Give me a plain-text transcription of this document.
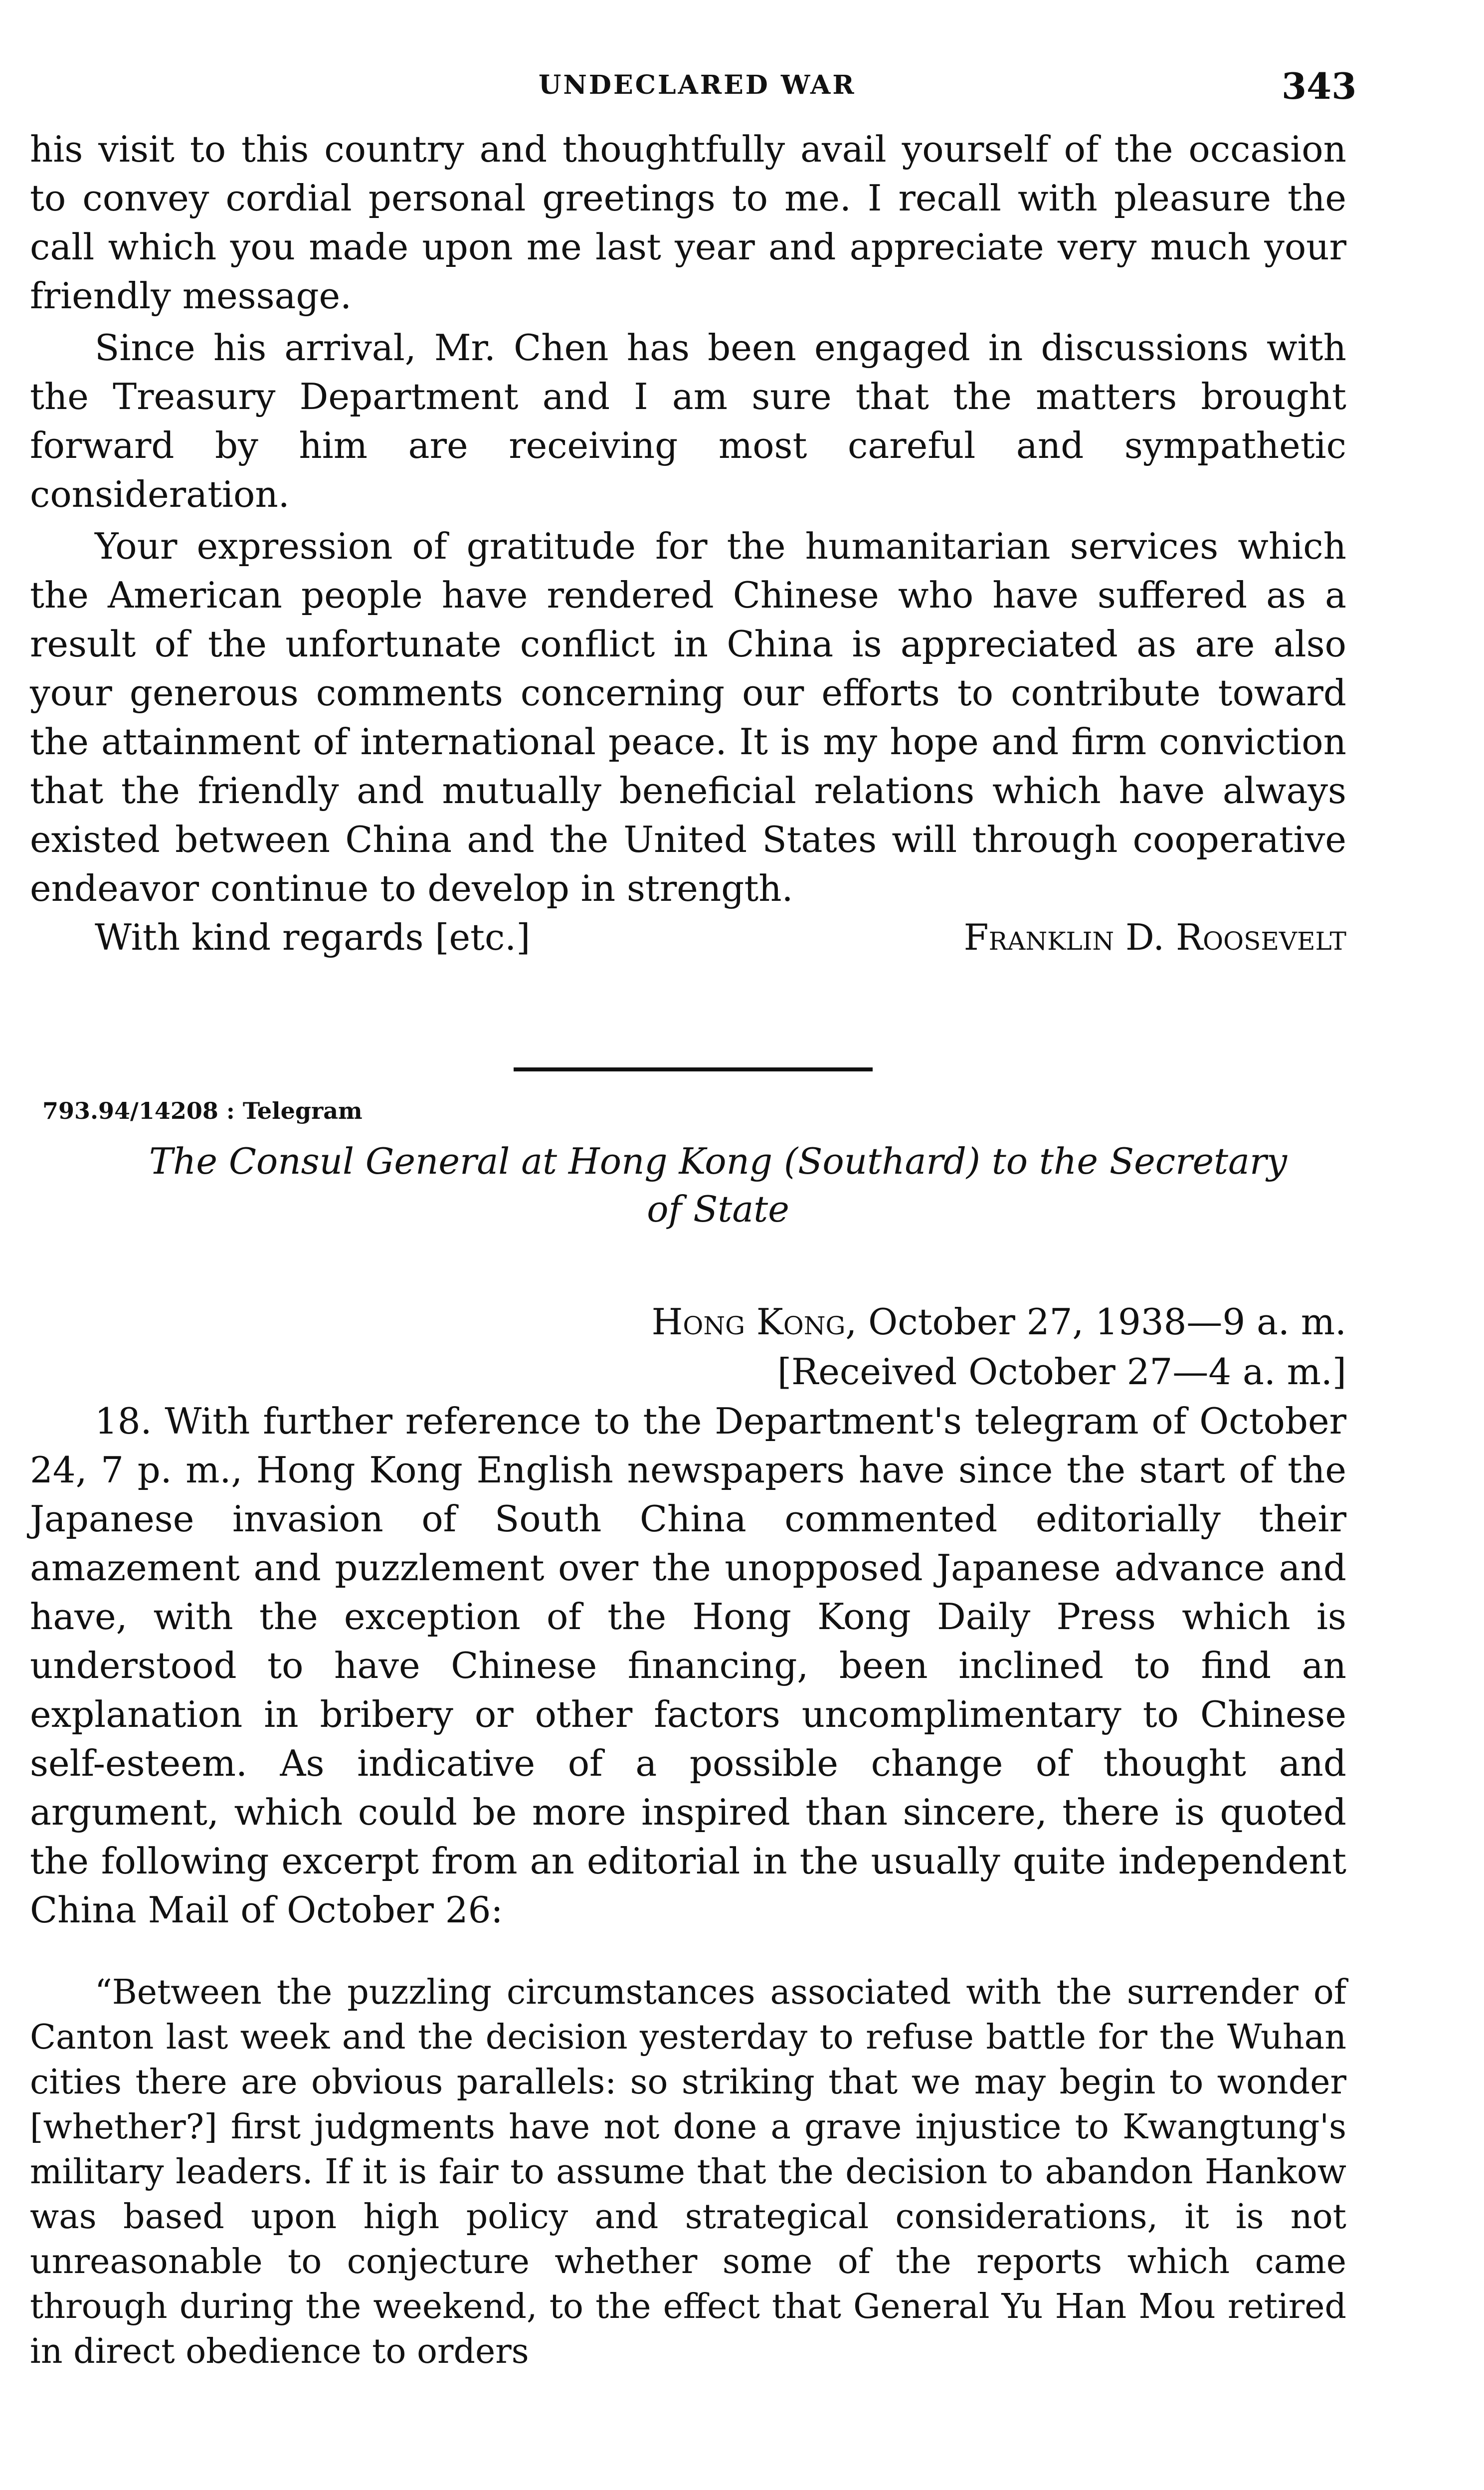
UNDECLARED WAR	343

his visit to this country and thoughtfully avail yourself of the occasion to convey cordial personal greetings to me. I recall with pleasure the call which you made upon me last year and appreciate very much your friendly message.

Since his arrival, Mr. Chen has been engaged in discussions with the Treasury Department and I am sure that the matters brought forward by him are receiving most careful and sympathetic consideration.

Your expression of gratitude for the humanitarian services which the American people have rendered Chinese who have suffered as a result of the unfortunate conflict in China is appreciated as are also your generous comments concerning our efforts to contribute toward the attainment of international peace. It is my hope and firm conviction that the friendly and mutually beneficial relations which have always existed between China and the United States will through cooperative endeavor continue to develop in strength.

With kind regards [etc.]	Franklin D. Roosevelt
793.94/14208 : Telegram
The Consul General at Hong Kong (Southard) to the Secretary
of State
Hong Kong, October 27, 1938—9 a. m.
[Received October 27—4 a. m.]

18. With further reference to the Department's telegram of October 24, 7 p. m., Hong Kong English newspapers have since the start of the Japanese invasion of South China commented editorially their amazement and puzzlement over the unopposed Japanese advance and have, with the exception of the Hong Kong Daily Press which is understood to have Chinese financing, been inclined to find an explanation in bribery or other factors uncomplimentary to Chinese self-esteem. As indicative of a possible change of thought and argument, which could be more inspired than sincere, there is quoted the following excerpt from an editorial in the usually quite independent China Mail of October 26:

“Between the puzzling circumstances associated with the surrender of Canton last week and the decision yesterday to refuse battle for the Wuhan cities there are obvious parallels: so striking that we may begin to wonder [whether?] first judgments have not done a grave injustice to Kwangtung's military leaders. If it is fair to assume that the decision to abandon Hankow was based upon high policy and strategical considerations, it is not unreasonable to conjecture whether some of the reports which came through during the weekend, to the effect that General Yu Han Mou retired in direct obedience to orders
